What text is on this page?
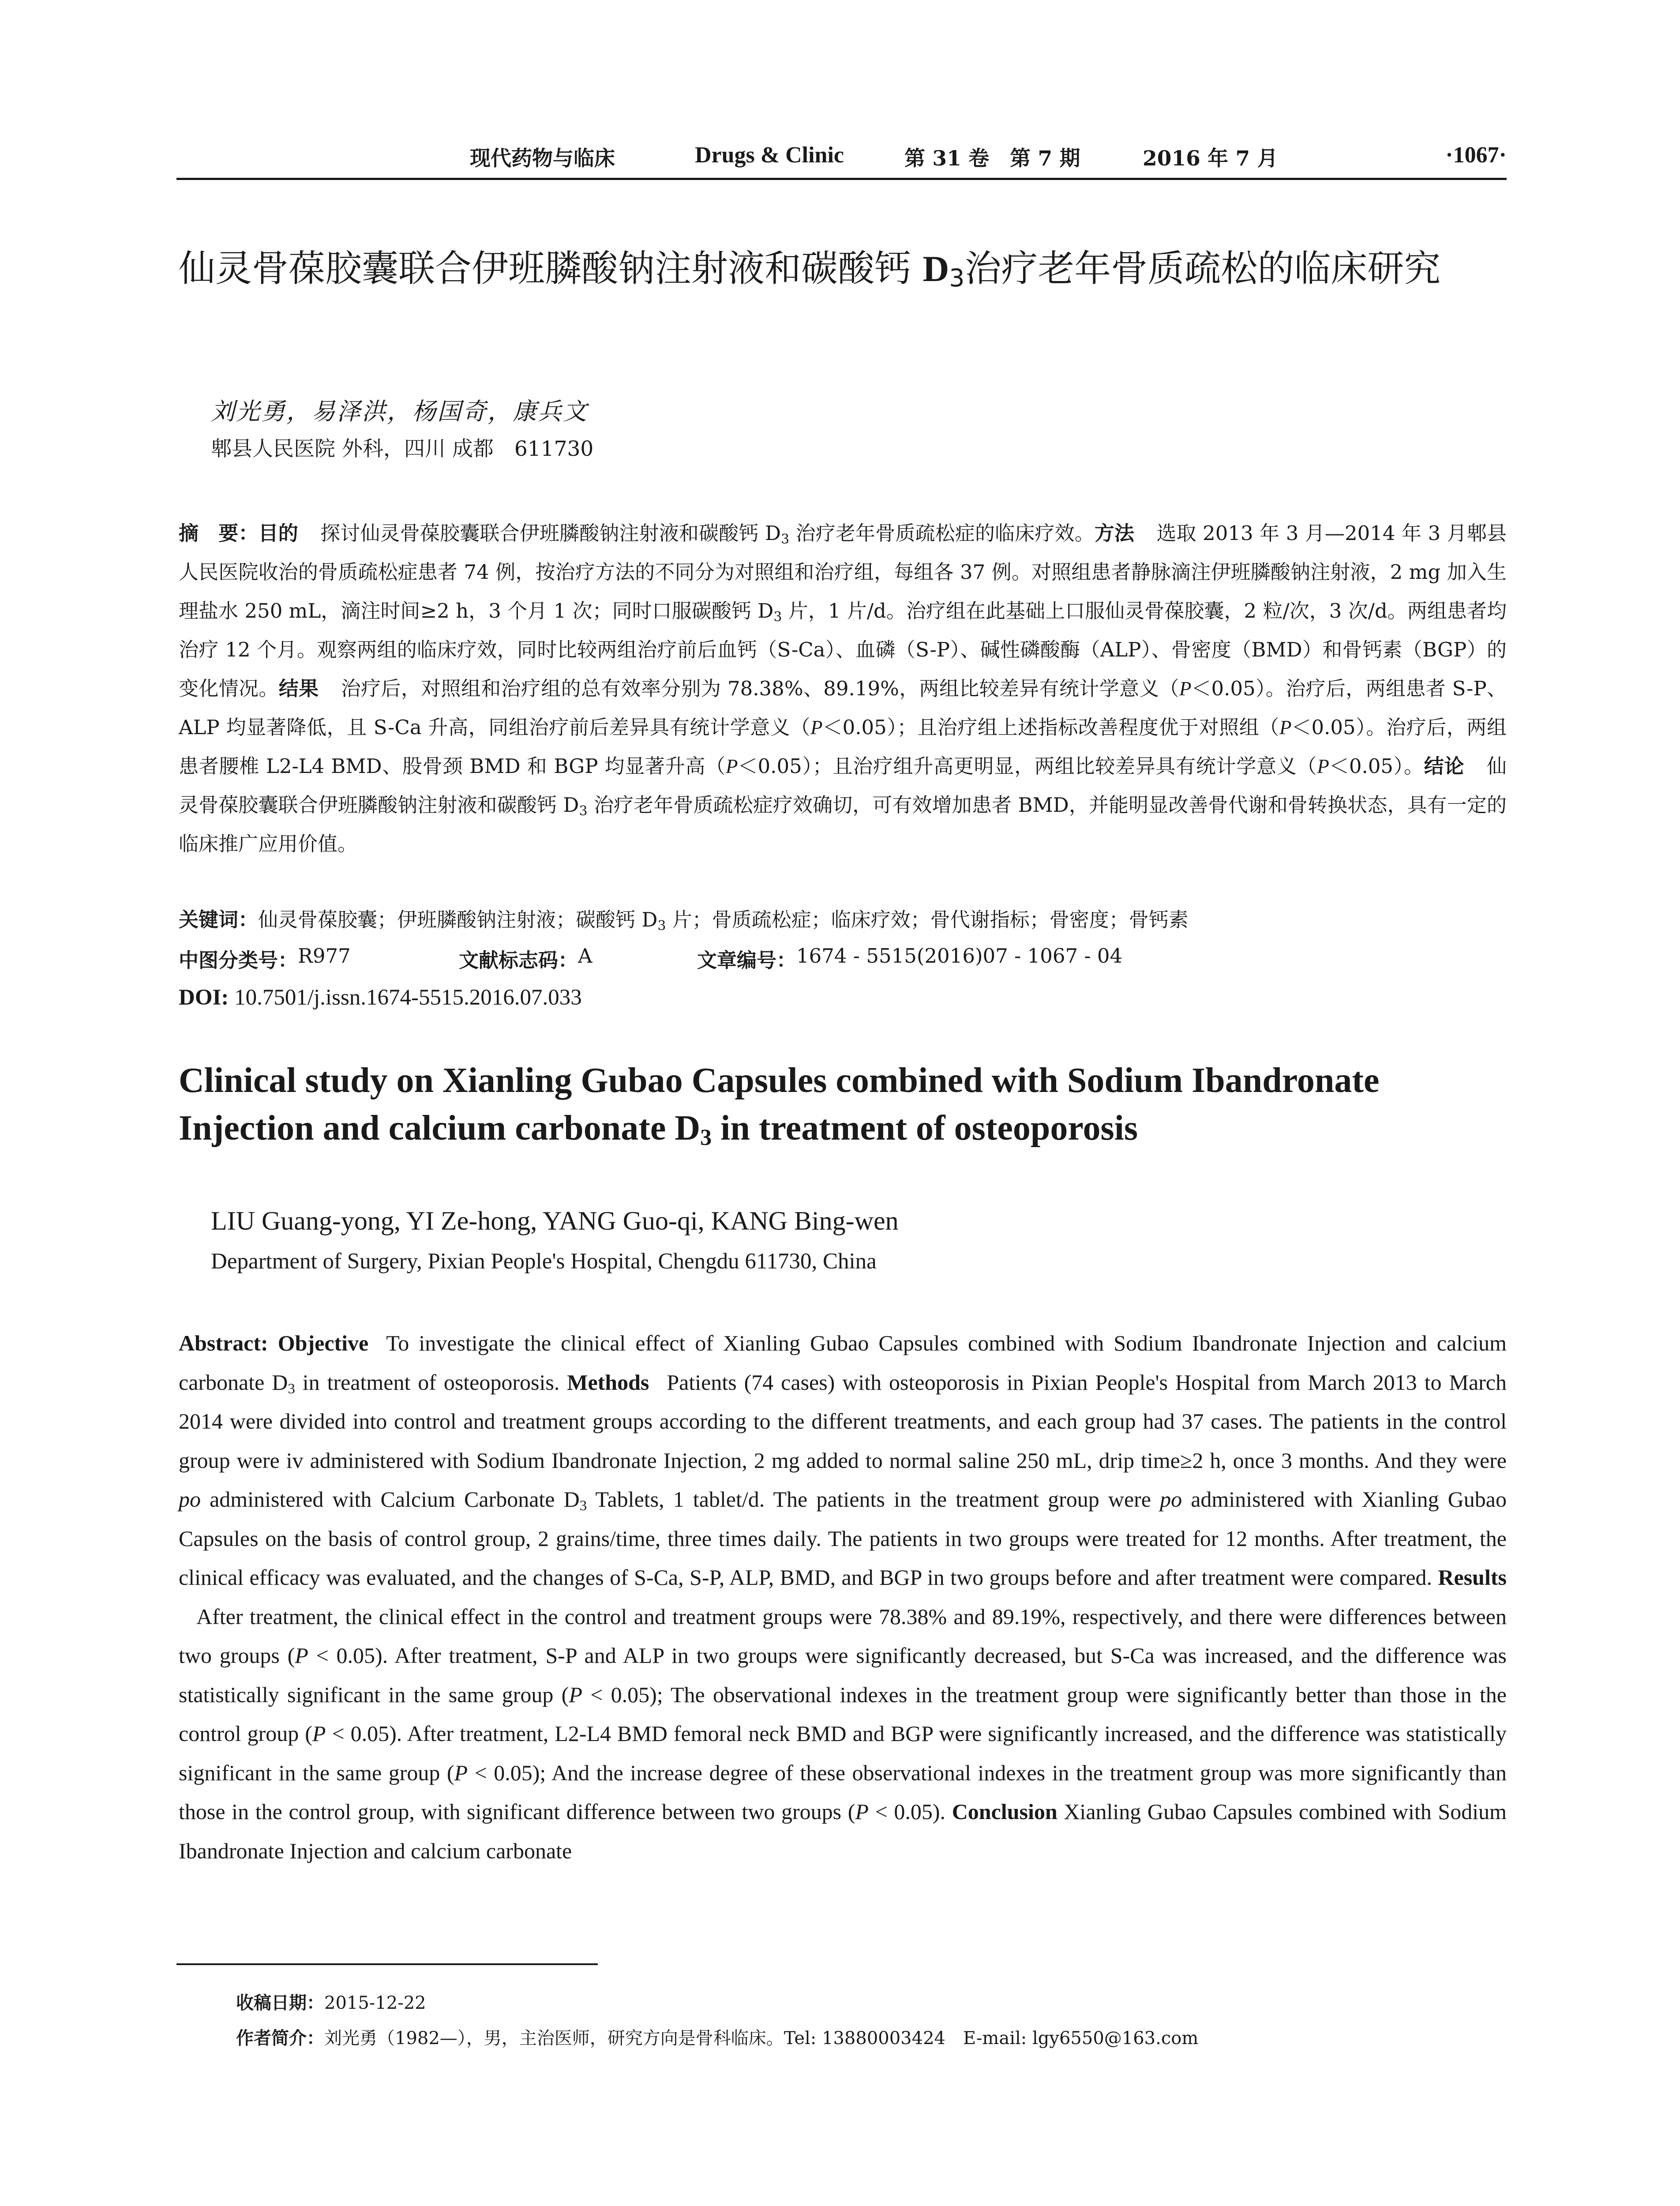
现代药物与临床	Drugs & Clinic	第 31 卷　第 7 期	2016 年 7 月	·1067·
仙灵骨葆胶囊联合伊班膦酸钠注射液和碳酸钙 $D_3$治疗老年骨质疏松的临床研究
刘光勇，易泽洪，杨国奇，康兵文
郫县人民医院 外科，四川 成都　611730
摘　要：目的 探讨仙灵骨葆胶囊联合伊班膦酸钠注射液和碳酸钙 $D_3$ 治疗老年骨质疏松症的临床疗效。方法 选取 2013 年 3 月—2014 年 3 月郫县人民医院收治的骨质疏松症患者 74 例，按治疗方法的不同分为对照组和治疗组，每组各 37 例。对照组患者静脉滴注伊班膦酸钠注射液，2 mg 加入生理盐水 250 mL，滴注时间≥2 h，3 个月 1 次；同时口服碳酸钙 $D_3$ 片，1 片/d。治疗组在此基础上口服仙灵骨葆胶囊，2 粒/次，3 次/d。两组患者均治疗 12 个月。观察两组的临床疗效，同时比较两组治疗前后血钙（S-Ca）、血磷（S-P）、碱性磷酸酶（ALP）、骨密度（BMD）和骨钙素（BGP）的变化情况。结果 治疗后，对照组和治疗组的总有效率分别为 78.38%、89.19%，两组比较差异有统计学意义（P＜0.05）。治疗后，两组患者 S-P、ALP 均显著降低，且 S-Ca 升高，同组治疗前后差异具有统计学意义（P＜0.05）；且治疗组上述指标改善程度优于对照组（P＜0.05）。治疗后，两组患者腰椎 L2-L4 BMD、股骨颈 BMD 和 BGP 均显著升高（P＜0.05）；且治疗组升高更明显，两组比较差异具有统计学意义（P＜0.05）。结论 仙灵骨葆胶囊联合伊班膦酸钠注射液和碳酸钙 $D_3$ 治疗老年骨质疏松症疗效确切，可有效增加患者 BMD，并能明显改善骨代谢和骨转换状态，具有一定的临床推广应用价值。
关键词：仙灵骨葆胶囊；伊班膦酸钠注射液；碳酸钙 $D_3$ 片；骨质疏松症；临床疗效；骨代谢指标；骨密度；骨钙素
中图分类号： R977	文献标志码： A	文章编号： 1674 - 5515(2016)07 - 1067 - 04
DOI: 10.7501/j.issn.1674-5515.2016.07.033
Clinical study on Xianling Gubao Capsules combined with Sodium Ibandronate Injection and calcium carbonate $D_3$ in treatment of osteoporosis
LIU Guang-yong, YI Ze-hong, YANG Guo-qi, KANG Bing-wen
Department of Surgery, Pixian People's Hospital, Chengdu 611730, China
Abstract: Objective To investigate the clinical effect of Xianling Gubao Capsules combined with Sodium Ibandronate Injection and calcium carbonate $D_3$ in treatment of osteoporosis. Methods Patients (74 cases) with osteoporosis in Pixian People's Hospital from March 2013 to March 2014 were divided into control and treatment groups according to the different treatments, and each group had 37 cases. The patients in the control group were iv administered with Sodium Ibandronate Injection, 2 mg added to normal saline 250 mL, drip time≥2 h, once 3 months. And they were po administered with Calcium Carbonate $D_3$ Tablets, 1 tablet/d. The patients in the treatment group were po administered with Xianling Gubao Capsules on the basis of control group, 2 grains/time, three times daily. The patients in two groups were treated for 12 months. After treatment, the clinical efficacy was evaluated, and the changes of S-Ca, S-P, ALP, BMD, and BGP in two groups before and after treatment were compared. ResultsAfter treatment, the clinical effect in the control and treatment groups were 78.38% and 89.19%, respectively, and there were differences between two groups (P < 0.05). After treatment, S-P and ALP in two groups were significantly decreased, but S-Ca was increased, and the difference was statistically significant in the same group (P < 0.05); The observational indexes in the treatment group were significantly better than those in the control group (P < 0.05). After treatment, L2-L4 BMD femoral neck BMD and BGP were significantly increased, and the difference was statistically significant in the same group (P < 0.05); And the increase degree of these observational indexes in the treatment group was more significantly than those in the control group, with significant difference between two groups (P < 0.05). Conclusion Xianling Gubao Capsules combined with Sodium Ibandronate Injection and calcium carbonate
收稿日期：2015-12-22
作者简介：刘光勇（1982—），男，主治医师，研究方向是骨科临床。Tel: 13880003424　E-mail: lgy6550@163.com
